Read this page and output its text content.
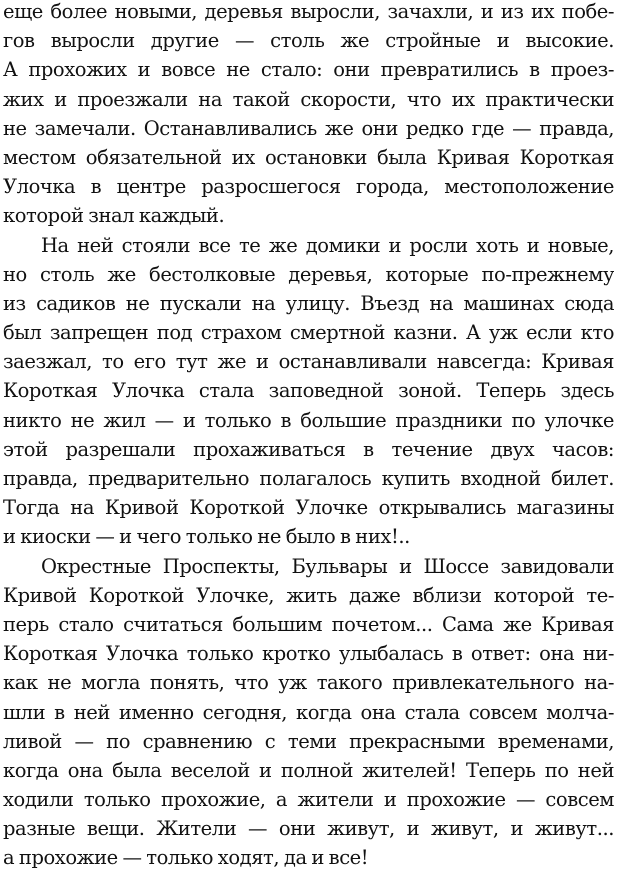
еще более новыми, деревья выросли, зачахли, и из их побе-
гов выросли другие — столь же стройные и высокие.
А прохожих и вовсе не стало: они превратились в проез-
жих и проезжали на такой скорости, что их практически
не замечали. Останавливались же они редко где — правда,
местом обязательной их остановки была Кривая Короткая
Улочка в центре разросшегося города, местоположение
которой знал каждый.

На ней стояли все те же домики и росли хоть и новые,
но столь же бестолковые деревья, которые по-прежнему
из садиков не пускали на улицу. Въезд на машинах сюда
был запрещен под страхом смертной казни. А уж если кто
заезжал, то его тут же и останавливали навсегда: Кривая
Короткая Улочка стала заповедной зоной. Теперь здесь
никто не жил — и только в большие праздники по улочке
этой разрешали прохаживаться в течение двух часов:
правда, предварительно полагалось купить входной билет.
Тогда на Кривой Короткой Улочке открывались магазины
и киоски — и чего только не было в них!..

Окрестные Проспекты, Бульвары и Шоссе завидовали
Кривой Короткой Улочке, жить даже вблизи которой те-
перь стало считаться большим почетом... Сама же Кривая
Короткая Улочка только кротко улыбалась в ответ: она ни-
как не могла понять, что уж такого привлекательного на-
шли в ней именно сегодня, когда она стала совсем молча-
ливой — по сравнению с теми прекрасными временами,
когда она была веселой и полной жителей! Теперь по ней
ходили только прохожие, а жители и прохожие — совсем
разные вещи. Жители — они живут, и живут, и живут...
а прохожие — только ходят, да и все!
